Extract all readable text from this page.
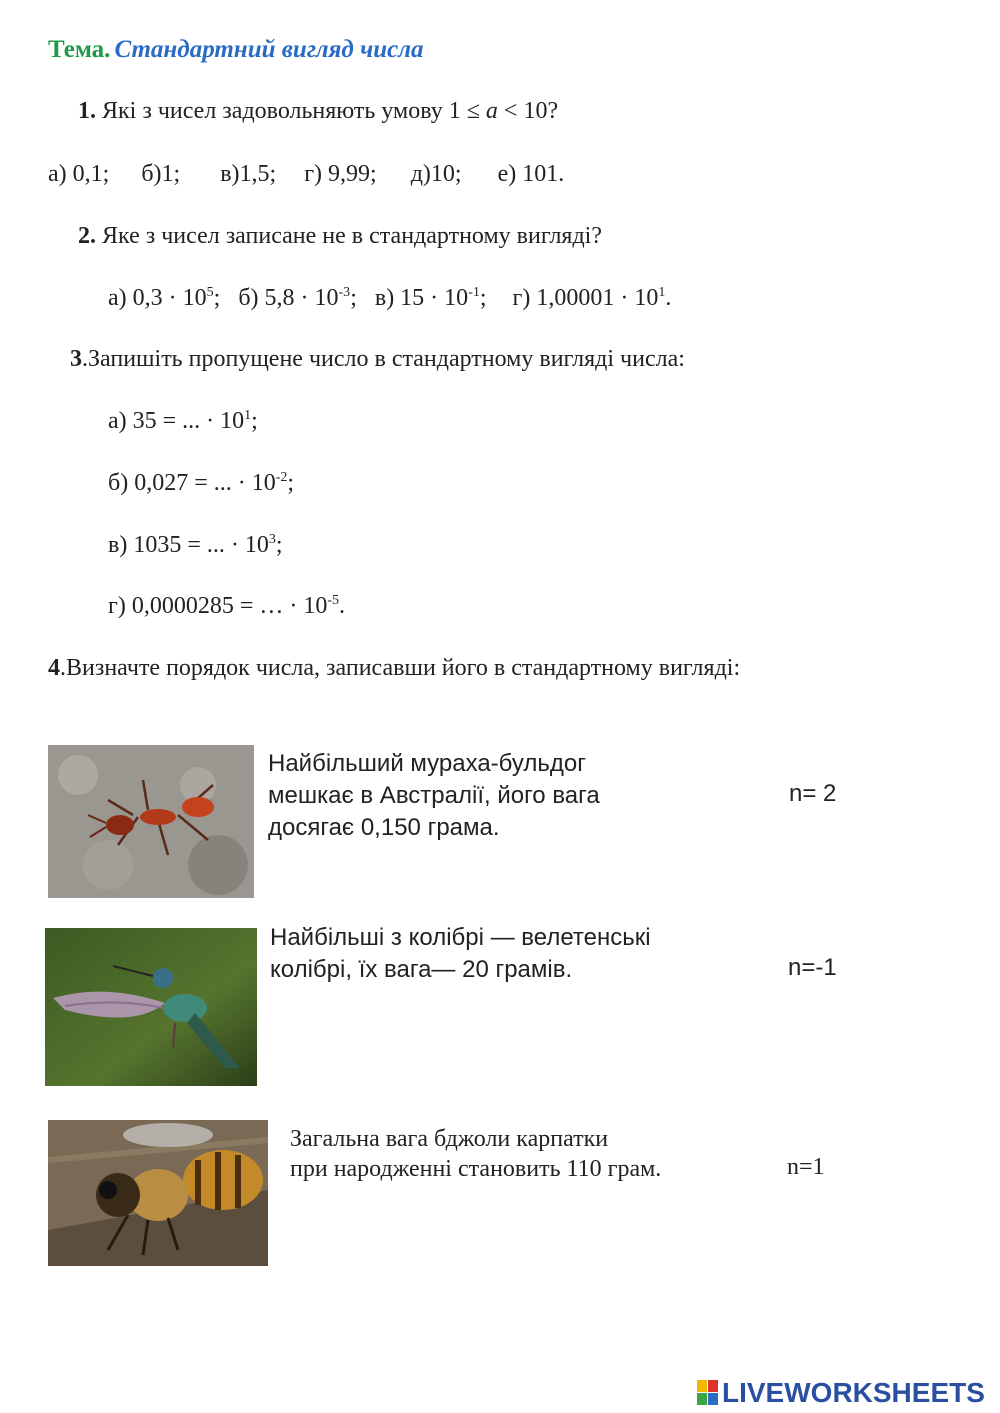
Тема. Стандартний вигляд числа
1. Які з чисел задовольняють умову 1 ≤ a < 10?
а) 0,1; б)1; в)1,5; г) 9,99; д)10; е) 101.
2. Яке з чисел записане не в стандартному вигляді?
а) $0,3 \cdot 10^5$; б) $5,8 \cdot 10^{-3}$; в) $15 \cdot 10^{-1}$; г) $1,00001 \cdot 10^1$.
3.Запишіть пропущене число в стандартному вигляді числа:
а) 35 = ... · $10^1$;
б) 0,027 = ... · $10^{-2}$;
в) 1035 = ... · $10^3$;
г) 0,0000285 = … · $10^{-5}$.
4.Визначте порядок числа, записавши його в стандартному вигляді:
Найбільший мураха-бульдог
мешкає в Австралії, його вага
досягає 0,150 грама.
n= 2
Найбільші з колібрі — велетенські
колібрі, їх вага— 20 грамів.	n=-1
Загальна вага бджоли карпатки
при народженні становить 110 грам.	n=1
LIVEWORKSHEETS
